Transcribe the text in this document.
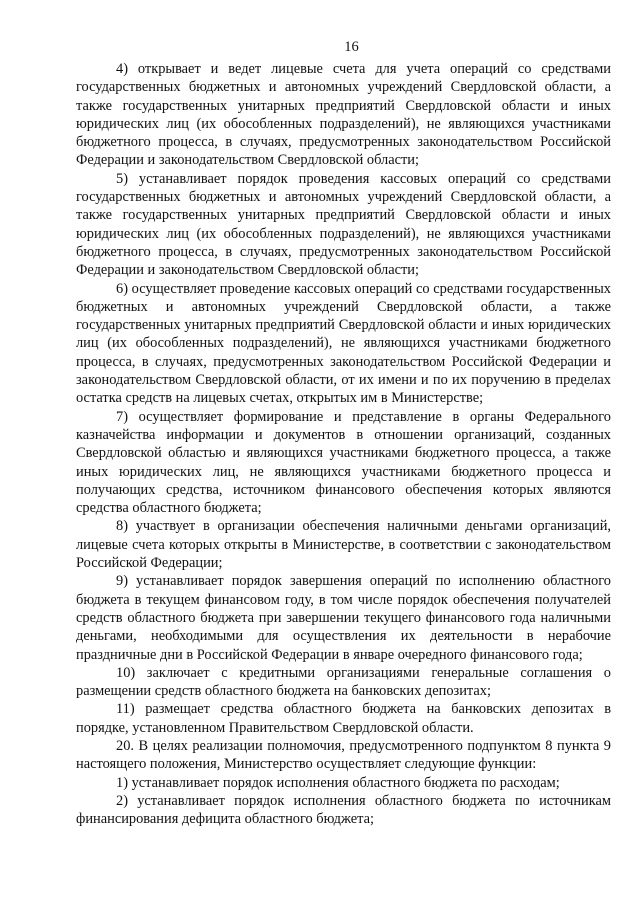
16

4) открывает и ведет лицевые счета для учета операций со средствами государственных бюджетных и автономных учреждений Свердловской области, а также государственных унитарных предприятий Свердловской области и иных юридических лиц (их обособленных подразделений), не являющихся участниками бюджетного процесса, в случаях, предусмотренных законодательством Российской Федерации и законодательством Свердловской области;

5) устанавливает порядок проведения кассовых операций со средствами государственных бюджетных и автономных учреждений Свердловской области, а также государственных унитарных предприятий Свердловской области и иных юридических лиц (их обособленных подразделений), не являющихся участниками бюджетного процесса, в случаях, предусмотренных законодательством Российской Федерации и законодательством Свердловской области;

6) осуществляет проведение кассовых операций со средствами государственных бюджетных и автономных учреждений Свердловской области, а также государственных унитарных предприятий Свердловской области и иных юридических лиц (их обособленных подразделений), не являющихся участниками бюджетного процесса, в случаях, предусмотренных законодательством Российской Федерации и законодательством Свердловской области, от их имени и по их поручению в пределах остатка средств на лицевых счетах, открытых им в Министерстве;

7) осуществляет формирование и представление в органы Федерального казначейства информации и документов в отношении организаций, созданных Свердловской областью и являющихся участниками бюджетного процесса, а также иных юридических лиц, не являющихся участниками бюджетного процесса и получающих средства, источником финансового обеспечения которых являются средства областного бюджета;

8) участвует в организации обеспечения наличными деньгами организаций, лицевые счета которых открыты в Министерстве, в соответствии с законодательством Российской Федерации;

9) устанавливает порядок завершения операций по исполнению областного бюджета в текущем финансовом году, в том числе порядок обеспечения получателей средств областного бюджета при завершении текущего финансового года наличными деньгами, необходимыми для осуществления их деятельности в нерабочие праздничные дни в Российской Федерации в январе очередного финансового года;

10) заключает с кредитными организациями генеральные соглашения о размещении средств областного бюджета на банковских депозитах;

11) размещает средства областного бюджета на банковских депозитах в порядке, установленном Правительством Свердловской области.

20. В целях реализации полномочия, предусмотренного подпунктом 8 пункта 9 настоящего положения, Министерство осуществляет следующие функции:

1) устанавливает порядок исполнения областного бюджета по расходам;

2) устанавливает порядок исполнения областного бюджета по источникам финансирования дефицита областного бюджета;
